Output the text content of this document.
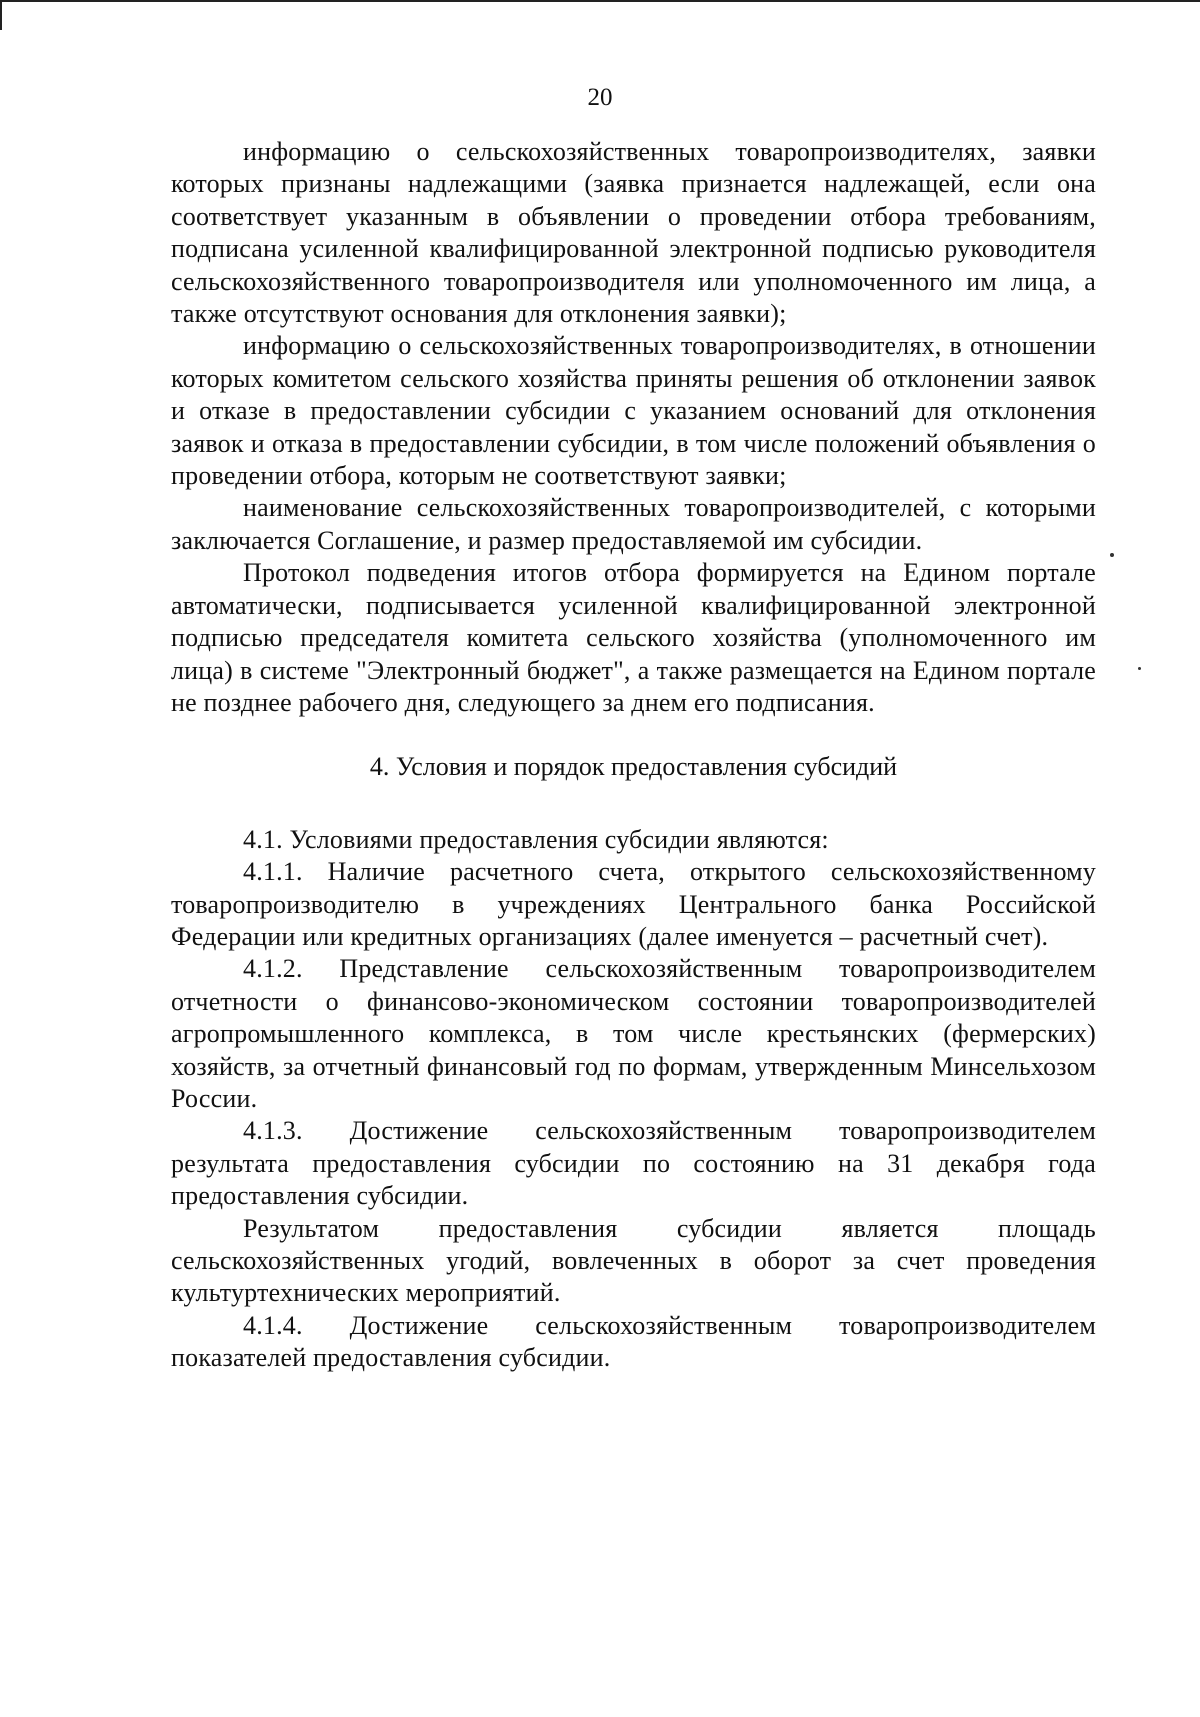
20

информацию о сельскохозяйственных товаропроизводителях, заявки которых признаны надлежащими (заявка признается надлежащей, если она соответствует указанным в объявлении о проведении отбора требованиям, подписана усиленной квалифицированной электронной подписью руководителя сельскохозяйственного товаропроизводителя или уполномоченного им лица, а также отсутствуют основания для отклонения заявки);

информацию о сельскохозяйственных товаропроизводителях, в отношении которых комитетом сельского хозяйства приняты решения об отклонении заявок и отказе в предоставлении субсидии с указанием оснований для отклонения заявок и отказа в предоставлении субсидии, в том числе положений объявления о проведении отбора, которым не соответствуют заявки;

наименование сельскохозяйственных товаропроизводителей, с которыми заключается Соглашение, и размер предоставляемой им субсидии.

Протокол подведения итогов отбора формируется на Едином портале автоматически, подписывается усиленной квалифицированной электронной подписью председателя комитета сельского хозяйства (уполномоченного им лица) в системе "Электронный бюджет", а также размещается на Едином портале не позднее рабочего дня, следующего за днем его подписания.

4. Условия и порядок предоставления субсидий

4.1. Условиями предоставления субсидии являются:

4.1.1. Наличие расчетного счета, открытого сельскохозяйственному товаропроизводителю в учреждениях Центрального банка Российской Федерации или кредитных организациях (далее именуется – расчетный счет).

4.1.2. Представление сельскохозяйственным товаропроизводителем отчетности о финансово-экономическом состоянии товаропроизводителей агропромышленного комплекса, в том числе крестьянских (фермерских) хозяйств, за отчетный финансовый год по формам, утвержденным Минсельхозом России.

4.1.3. Достижение сельскохозяйственным товаропроизводителем результата предоставления субсидии по состоянию на 31 декабря года предоставления субсидии.

Результатом предоставления субсидии является площадь сельскохозяйственных угодий, вовлеченных в оборот за счет проведения культуртехнических мероприятий.

4.1.4. Достижение сельскохозяйственным товаропроизводителем показателей предоставления субсидии.
